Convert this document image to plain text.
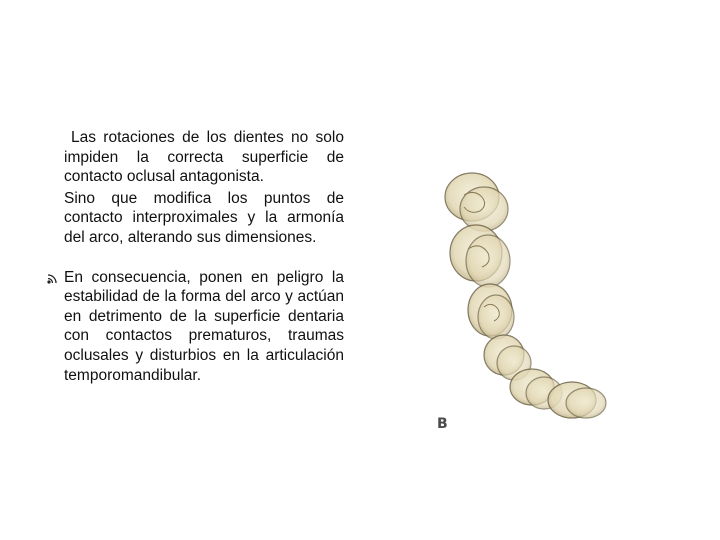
Las rotaciones de los dientes no solo impiden la correcta superficie de contacto oclusal antagonista.

Sino que modifica los puntos de contacto interproximales y la armonía del arco, alterando sus dimensiones.

En consecuencia, ponen en peligro la estabilidad de la forma del arco y actúan en detrimento de la superficie dentaria con contactos prematuros, traumas oclusales y disturbios en la articulación temporomandibular.

B
